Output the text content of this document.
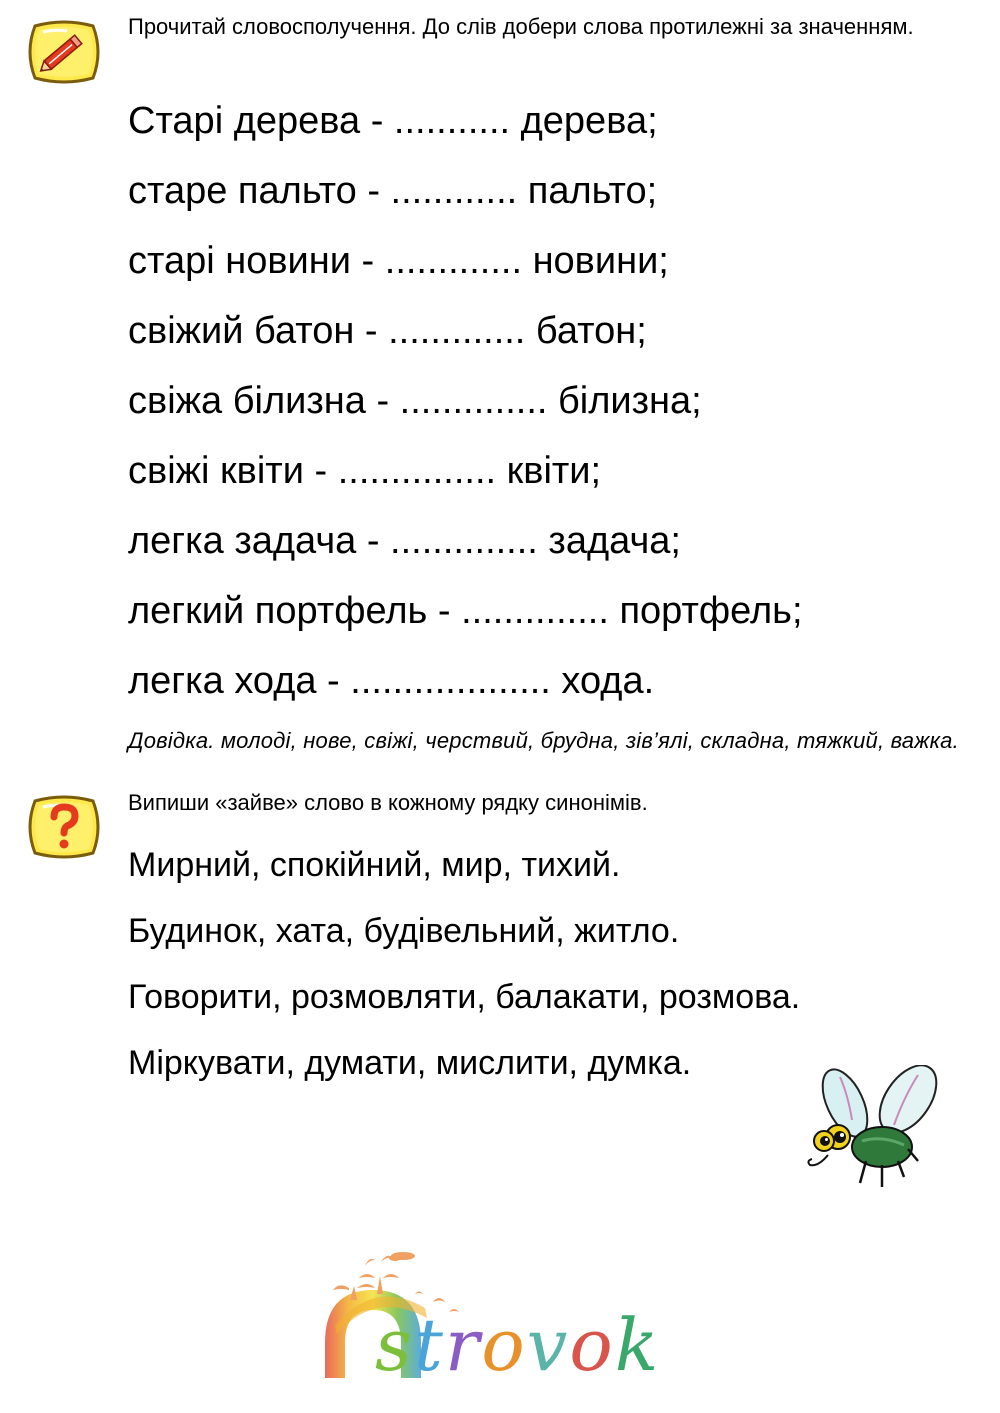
Прочитай словосполучення. До слів добери слова протилежні за значенням.
Старі дерева - ........... дерева;
старе пальто - ............ пальто;
старі новини - ............. новини;
свіжий батон - ............. батон;
свіжа білизна - .............. білизна;
свіжі квіти - ............... квіти;
легка задача - .............. задача;
легкий портфель - .............. портфель;
легка хода - ................... хода.
Довідка. молоді, нове, свіжі, черствий, брудна, зів’ялі, складна, тяжкий, важка.
Випиши «зайве» слово в кожному рядку синонімів.
Мирний, спокійний, мир, тихий.
Будинок, хата, будівельний, житло.
Говорити, розмовляти, балакати, розмова.
Міркувати, думати, мислити, думка.
strovok
